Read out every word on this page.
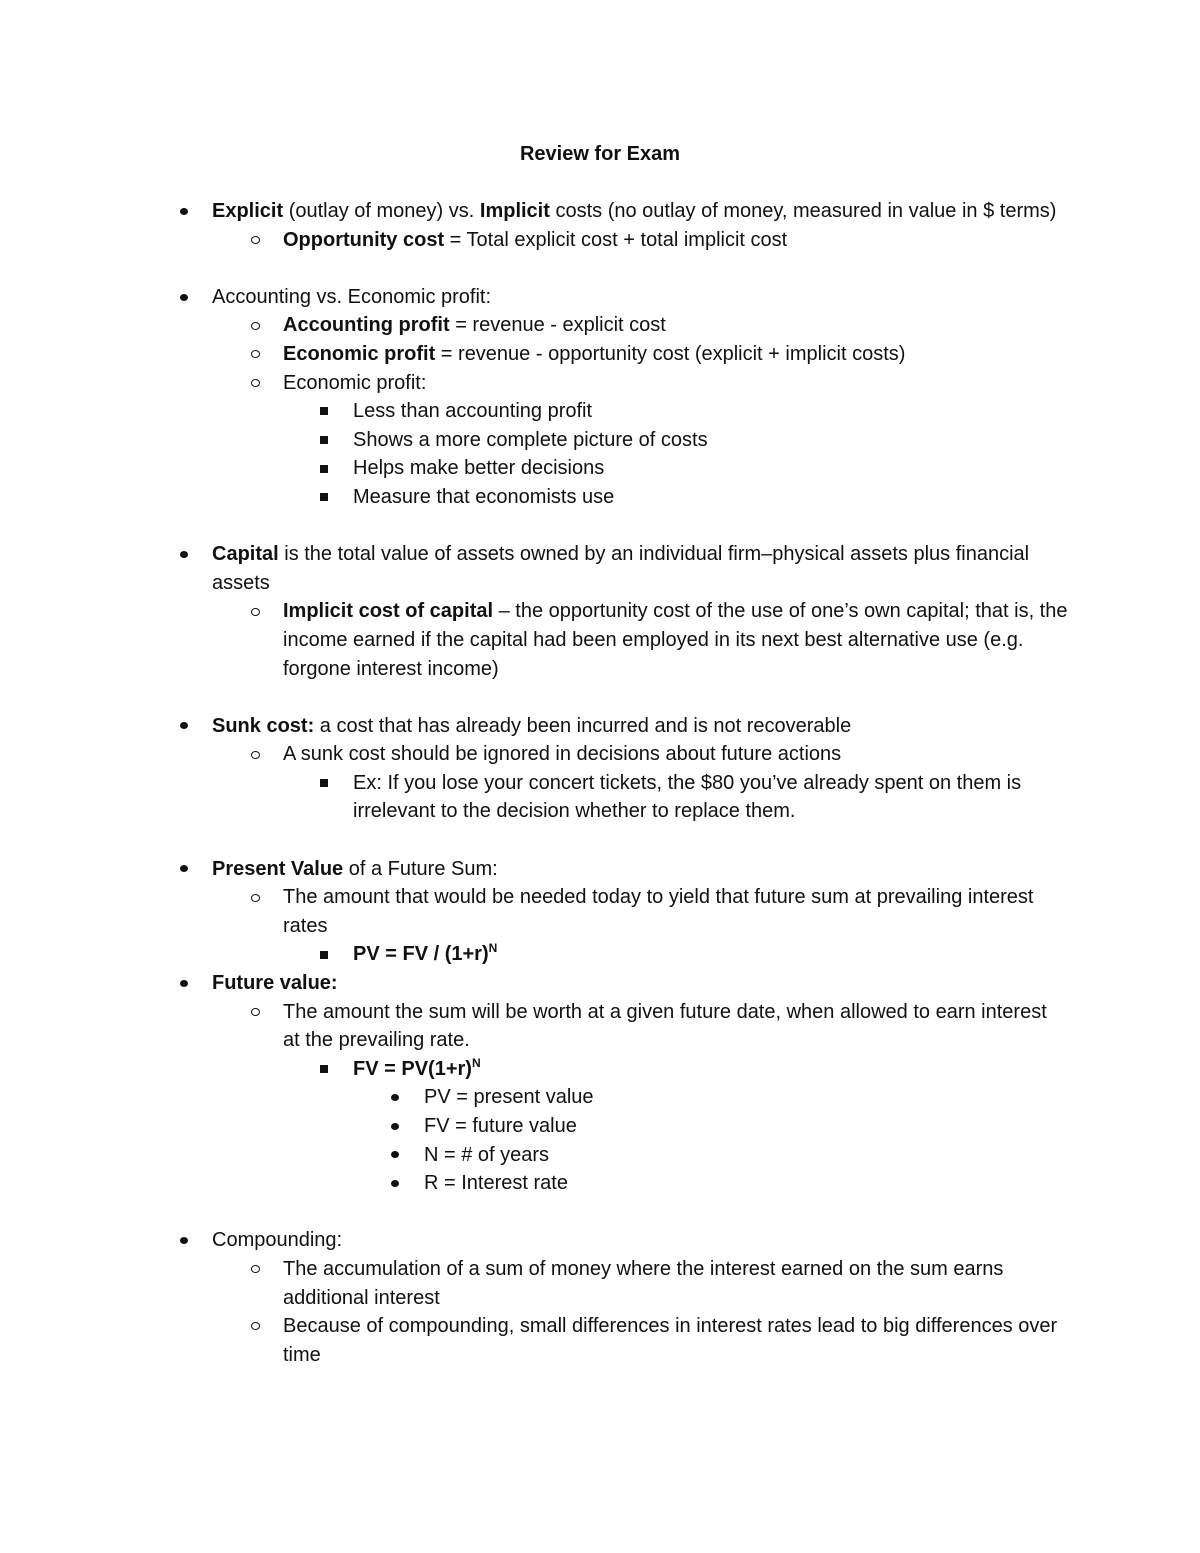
Review for Exam
Explicit (outlay of money) vs. Implicit costs (no outlay of money, measured in value in $ terms)
Opportunity cost = Total explicit cost + total implicit cost
Accounting vs. Economic profit:
Accounting profit = revenue - explicit cost
Economic profit = revenue - opportunity cost (explicit + implicit costs)
Economic profit:
Less than accounting profit
Shows a more complete picture of costs
Helps make better decisions
Measure that economists use
Capital is the total value of assets owned by an individual firm–physical assets plus financial assets
Implicit cost of capital – the opportunity cost of the use of one’s own capital; that is, the income earned if the capital had been employed in its next best alternative use (e.g. forgone interest income)
Sunk cost: a cost that has already been incurred and is not recoverable
A sunk cost should be ignored in decisions about future actions
Ex: If you lose your concert tickets, the $80 you’ve already spent on them is irrelevant to the decision whether to replace them.
Present Value of a Future Sum:
The amount that would be needed today to yield that future sum at prevailing interest rates
PV = FV / $(1+r)^N$
Future value:
The amount the sum will be worth at a given future date, when allowed to earn interest at the prevailing rate.
FV = $PV(1+r)^N$
PV = present value
FV = future value
N = # of years
R = Interest rate
Compounding:
The accumulation of a sum of money where the interest earned on the sum earns additional interest
Because of compounding, small differences in interest rates lead to big differences over time
